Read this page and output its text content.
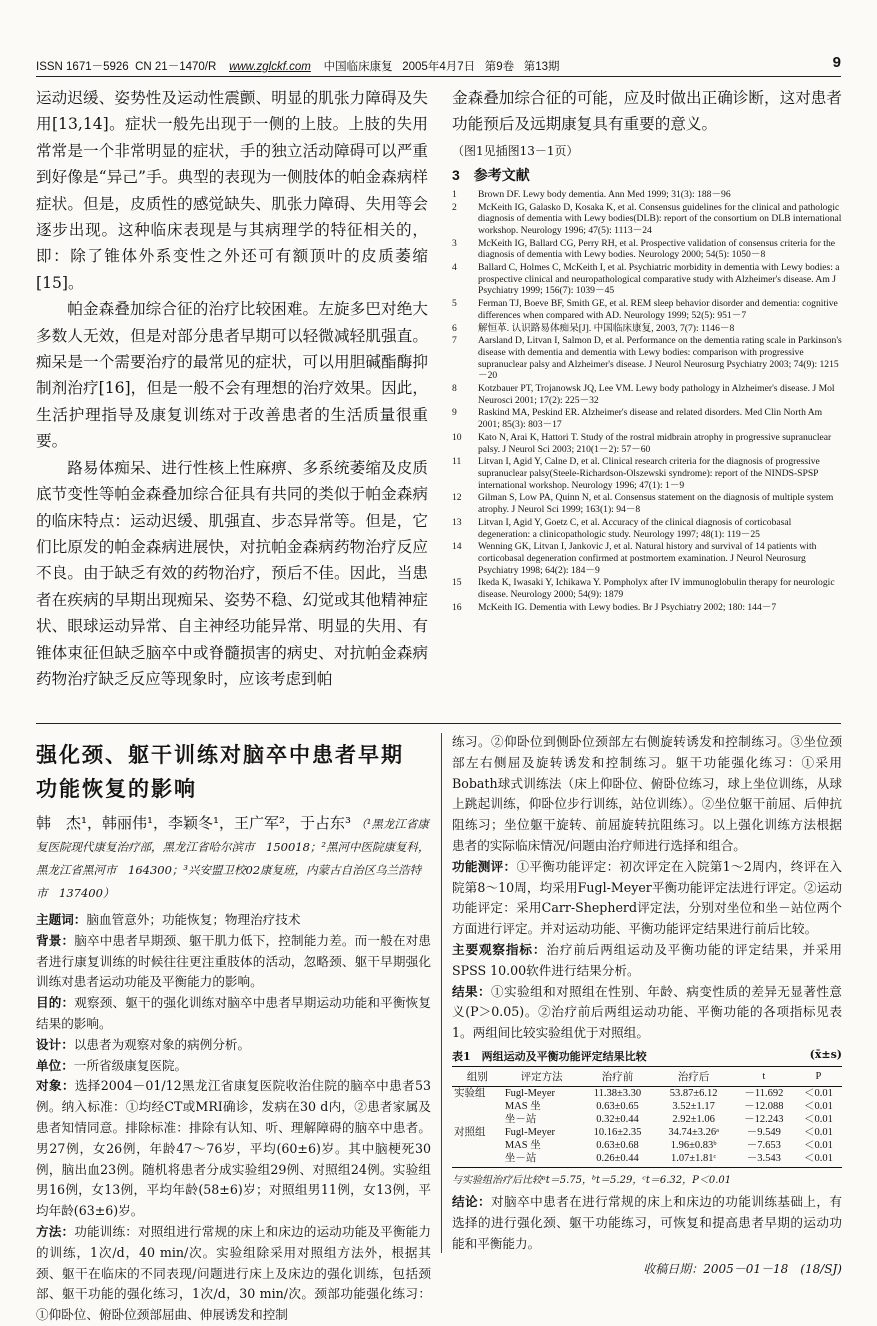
ISSN 1671－5926 CN 21－1470/R www.zglckf.com 中国临床康复 2005年4月7日 第9卷 第13期	9

运动迟缓、姿势性及运动性震颤、明显的肌张力障碍及失用[13,14]。症状一般先出现于一侧的上肢。上肢的失用常常是一个非常明显的症状，手的独立活动障碍可以严重到好像是“异己”手。典型的表现为一侧肢体的帕金森病样症状。但是，皮质性的感觉缺失、肌张力障碍、失用等会逐步出现。这种临床表现是与其病理学的特征相关的，即：除了锥体外系变性之外还可有额顶叶的皮质萎缩[15]。

帕金森叠加综合征的治疗比较困难。左旋多巴对绝大多数人无效，但是对部分患者早期可以轻微减轻肌强直。痴呆是一个需要治疗的最常见的症状，可以用胆碱酯酶抑制剂治疗[16]，但是一般不会有理想的治疗效果。因此，生活护理指导及康复训练对于改善患者的生活质量很重要。

路易体痴呆、进行性核上性麻痹、多系统萎缩及皮质底节变性等帕金森叠加综合征具有共同的类似于帕金森病的临床特点：运动迟缓、肌强直、步态异常等。但是，它们比原发的帕金森病进展快，对抗帕金森病药物治疗反应不良。由于缺乏有效的药物治疗，预后不佳。因此，当患者在疾病的早期出现痴呆、姿势不稳、幻觉或其他精神症状、眼球运动异常、自主神经功能异常、明显的失用、有锥体束征但缺乏脑卒中或脊髓损害的病史、对抗帕金森病药物治疗缺乏反应等现象时，应该考虑到帕

金森叠加综合征的可能，应及时做出正确诊断，这对患者功能预后及远期康复具有重要的意义。

（图1见插图13－1页）
3　参考文献
1	Brown DF. Lewy body dementia. Ann Med 1999; 31(3): 188－96
2	McKeith IG, Galasko D, Kosaka K, et al. Consensus guidelines for the clinical and pathologic diagnosis of dementia with Lewy bodies(DLB): report of the consortium on DLB international workshop. Neurology 1996; 47(5): 1113－24
3	McKeith IG, Ballard CG, Perry RH, et al. Prospective validation of consensus criteria for the diagnosis of dementia with Lewy bodies. Neurology 2000; 54(5): 1050－8
4	Ballard C, Holmes C, McKeith I, et al. Psychiatric morbidity in dementia with Lewy bodies: a prospective clinical and neuropathological comparative study with Alzheimer's disease. Am J Psychiatry 1999; 156(7): 1039－45
5	Ferman TJ, Boeve BF, Smith GE, et al. REM sleep behavior disorder and dementia: cognitive differences when compared with AD. Neurology 1999; 52(5): 951－7
6	解恒革. 认识路易体痴呆[J]. 中国临床康复, 2003, 7(7): 1146－8
7	Aarsland D, Litvan I, Salmon D, et al. Performance on the dementia rating scale in Parkinson's disease with dementia and dementia with Lewy bodies: comparison with progressive supranuclear palsy and Alzheimer's disease. J Neurol Neurosurg Psychiatry 2003; 74(9): 1215－20
8	Kotzbauer PT, Trojanowsk JQ, Lee VM. Lewy body pathology in Alzheimer's disease. J Mol Neurosci 2001; 17(2): 225－32
9	Raskind MA, Peskind ER. Alzheimer's disease and related disorders. Med Clin North Am 2001; 85(3): 803－17
10	Kato N, Arai K, Hattori T. Study of the rostral midbrain atrophy in progressive supranuclear palsy. J Neurol Sci 2003; 210(1－2): 57－60
11	Litvan I, Agid Y, Calne D, et al. Clinical research criteria for the diagnosis of progressive supranuclear palsy(Steele-Richardson-Olszewski syndrome): report of the NINDS-SPSP international workshop. Neurology 1996; 47(1): 1－9
12	Gilman S, Low PA, Quinn N, et al. Consensus statement on the diagnosis of multiple system atrophy. J Neurol Sci 1999; 163(1): 94－8
13	Litvan I, Agid Y, Goetz C, et al. Accuracy of the clinical diagnosis of corticobasal degeneration: a clinicopathologic study. Neurology 1997; 48(1): 119－25
14	Wenning GK, Litvan I, Jankovic J, et al. Natural history and survival of 14 patients with corticobasal degeneration confirmed at postmortem examination. J Neurol Neurosurg Psychiatry 1998; 64(2): 184－9
15	Ikeda K, Iwasaki Y, Ichikawa Y. Pompholyx after IV immunoglobulin therapy for neurologic disease. Neurology 2000; 54(9): 1879
16	McKeith IG. Dementia with Lewy bodies. Br J Psychiatry 2002; 180: 144－7
强化颈、躯干训练对脑卒中患者早期
功能恢复的影响
韩　杰¹，韩丽伟¹，李颖冬¹，王广军²，于占东³ （¹黑龙江省康复医院现代康复治疗部，黑龙江省哈尔滨市　150018；²黑河中医院康复科，黑龙江省黑河市　164300；³兴安盟卫校02康复班，内蒙古自治区乌兰浩特市　137400）

主题词：脑血管意外；功能恢复；物理治疗技术

背景：脑卒中患者早期颈、躯干肌力低下，控制能力差。而一般在对患者进行康复训练的时候往往更注重肢体的活动，忽略颈、躯干早期强化训练对患者运动功能及平衡能力的影响。

目的：观察颈、躯干的强化训练对脑卒中患者早期运动功能和平衡恢复结果的影响。

设计：以患者为观察对象的病例分析。

单位：一所省级康复医院。

对象：选择2004－01/12黑龙江省康复医院收治住院的脑卒中患者53例。纳入标准：①均经CT或MRI确诊，发病在30 d内，②患者家属及患者知情同意。排除标准：排除有认知、听、理解障碍的脑卒中患者。男27例，女26例，年龄47～76岁，平均(60±6)岁。其中脑梗死30例，脑出血23例。随机将患者分成实验组29例、对照组24例。实验组男16例，女13例，平均年龄(58±6)岁；对照组男11例，女13例，平均年龄(63±6)岁。

方法：功能训练：对照组进行常规的床上和床边的运动功能及平衡能力的训练，1次/d，40 min/次。实验组除采用对照组方法外，根据其颈、躯干在临床的不同表现/问题进行床上及床边的强化训练，包括颈部、躯干功能的强化练习，1次/d，30 min/次。颈部功能强化练习：①仰卧位、俯卧位颈部屈曲、伸展诱发和控制

练习。②仰卧位到侧卧位颈部左右侧旋转诱发和控制练习。③坐位颈部左右侧屈及旋转诱发和控制练习。躯干功能强化练习：①采用Bobath球式训练法（床上仰卧位、俯卧位练习，球上坐位训练，从球上跳起训练，仰卧位步行训练，站位训练）。②坐位躯干前屈、后伸抗阻练习；坐位躯干旋转、前屈旋转抗阻练习。以上强化训练方法根据患者的实际临床情况/问题由治疗师进行选择和组合。

功能测评：①平衡功能评定：初次评定在入院第1～2周内，终评在入院第8～10周，均采用Fugl-Meyer平衡功能评定法进行评定。②运动功能评定：采用Carr-Shepherd评定法，分别对坐位和坐－站位两个方面进行评定。并对运动功能、平衡功能评定结果进行前后比较。

主要观察指标：治疗前后两组运动及平衡功能的评定结果，并采用SPSS 10.00软件进行结果分析。

结果：①实验组和对照组在性别、年龄、病变性质的差异无显著性意义(P＞0.05)。②治疗前后两组运动功能、平衡功能的各项指标见表1。两组间比较实验组优于对照组。

表1　两组运动及平衡功能评定结果比较	(x̄±s)
组别	评定方法	治疗前	治疗后	t	P
实验组	Fugl-Meyer	11.38±3.30	53.87±6.12	－11.692	＜0.01
	MAS 坐	0.63±0.65	3.52±1.17	－12.088	＜0.01
	坐－站	0.32±0.44	2.92±1.06	－12.243	＜0.01
对照组	Fugl-Meyer	10.16±2.35	34.74±3.26ᵃ	－9.549	＜0.01
	MAS 坐	0.63±0.68	1.96±0.83ᵇ	－7.653	＜0.01
	坐－站	0.26±0.44	1.07±1.81ᶜ	－3.543	＜0.01
与实验组治疗后比较ᵃt＝5.75，ᵇt＝5.29，ᶜt＝6.32，P＜0.01

结论：对脑卒中患者在进行常规的床上和床边的功能训练基础上，有选择的进行强化颈、躯干功能练习，可恢复和提高患者早期的运动功能和平衡能力。

收稿日期：2005－01－18　(18/SJ)
